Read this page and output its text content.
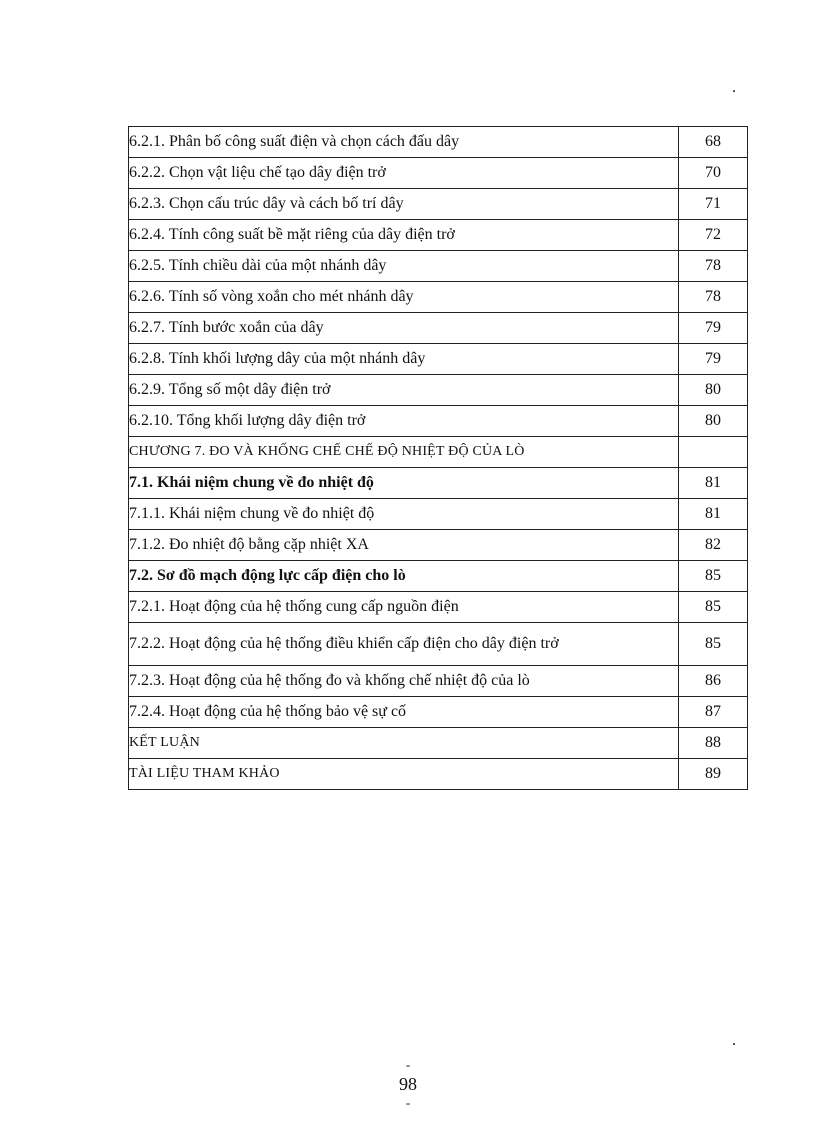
.
6.2.1. Phân bố công suất điện và chọn cách đấu dây	68
6.2.2. Chọn vật liệu chế tạo dây điện trở	70
6.2.3. Chọn cấu trúc dây và cách bố trí dây	71
6.2.4. Tính công suất bề mặt riêng của dây điện trở	72
6.2.5. Tính chiều dài của một nhánh dây	78
6.2.6. Tính số vòng xoắn cho mét nhánh dây	78
6.2.7. Tính bước xoắn của dây	79
6.2.8. Tính khối lượng dây của một nhánh dây	79
6.2.9. Tổng số một dây điện trở	80
6.2.10. Tổng khối lượng dây điện trở	80
CHƯƠNG 7. ĐO VÀ KHỐNG CHẾ CHẾ ĐỘ NHIỆT ĐỘ CỦA LÒ	
7.1. Khái niệm chung về đo nhiệt độ	81
7.1.1. Khái niệm chung về đo nhiệt độ	81
7.1.2. Đo nhiệt độ bằng cặp nhiệt XA	82
7.2. Sơ đồ mạch động lực cấp điện cho lò	85
7.2.1. Hoạt động của hệ thống cung cấp nguồn điện	85

7.2.2. Hoạt động của hệ thống điều khiển cấp điện cho dây điện trở	85
7.2.3. Hoạt động của hệ thống đo và khống chế nhiệt độ của lò	86
7.2.4. Hoạt động của hệ thống bảo vệ sự cố	87
KẾT LUẬN	88
TÀI LIỆU THAM KHẢO	89
.
-
98
-
